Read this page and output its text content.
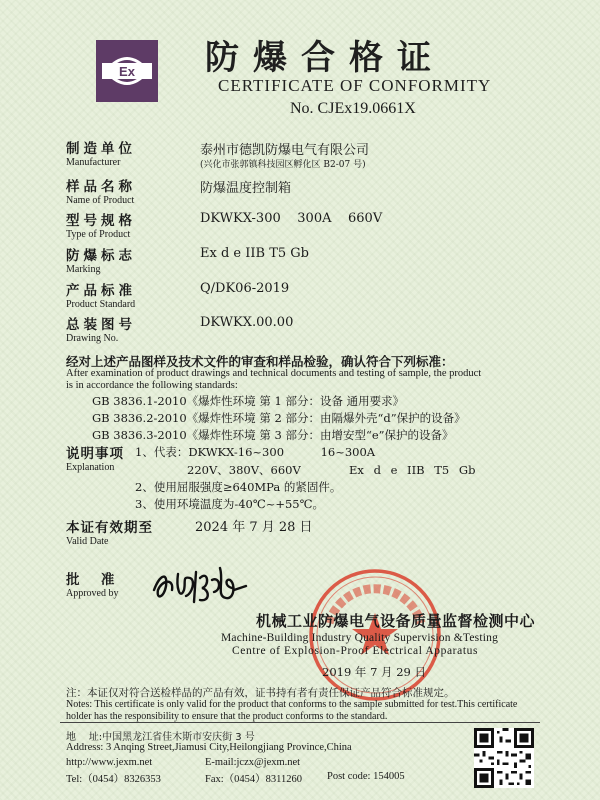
Ex 防爆合格证
CERTIFICATE OF CONFORMITY
No. CJEx19.0661X
制造单位
Manufacturer
泰州市德凯防爆电气有限公司
(兴化市张郭镇科技园区孵化区 B2-07 号)
样品名称
Name of Product
防爆温度控制箱
型号规格
Type of Product
DKWKX-300    300A    660V
防爆标志
Marking
Ex d e IIB T5 Gb
产品标准
Product Standard
Q/DK06-2019
总装图号
Drawing No.
DKWKX.00.00
经对上述产品图样及技术文件的审查和样品检验，确认符合下列标准：
After examination of product drawings and technical documents and testing of sample, the product
is in accordance the following standards:
GB 3836.1-2010《爆炸性环境 第 1 部分：设备 通用要求》
GB 3836.2-2010《爆炸性环境 第 2 部分：由隔爆外壳“d”保护的设备》
GB 3836.3-2010《爆炸性环境 第 3 部分：由增安型“e”保护的设备》
说明事项
Explanation
1、代表：DKWKX-16~300          16~300A
220V、380V、660V     Ex d e IIB T5 Gb
2、使用屈服强度≥640MPa 的紧固件。
3、使用环境温度为-40℃~+55℃。
本证有效期至
Valid Date
2024 年 7 月 28 日
批  准
Approved by
机械工业防爆电气设备质量监督检测中心
Machine-Building Industry Quality Supervision &Testing
Centre of Explosion-Proof Electrical Apparatus
2019 年 7 月 29 日
注：本证仅对符合送检样品的产品有效，证书持有者有责任保证产品符合标准规定。
Notes: This certificate is only valid for the product that conforms to the sample submitted for test.This certificate holder has the responsibility to ensure that the product conforms to the standard.
地    址:中国黑龙江省佳木斯市安庆街 3 号
Address: 3 Anqing Street,Jiamusi City,Heilongjiang Province,China
http://www.jexm.net	E-mail:jczx@jexm.net
Tel:（0454）8326353	Fax:（0454）8311260 Post code: 154005
